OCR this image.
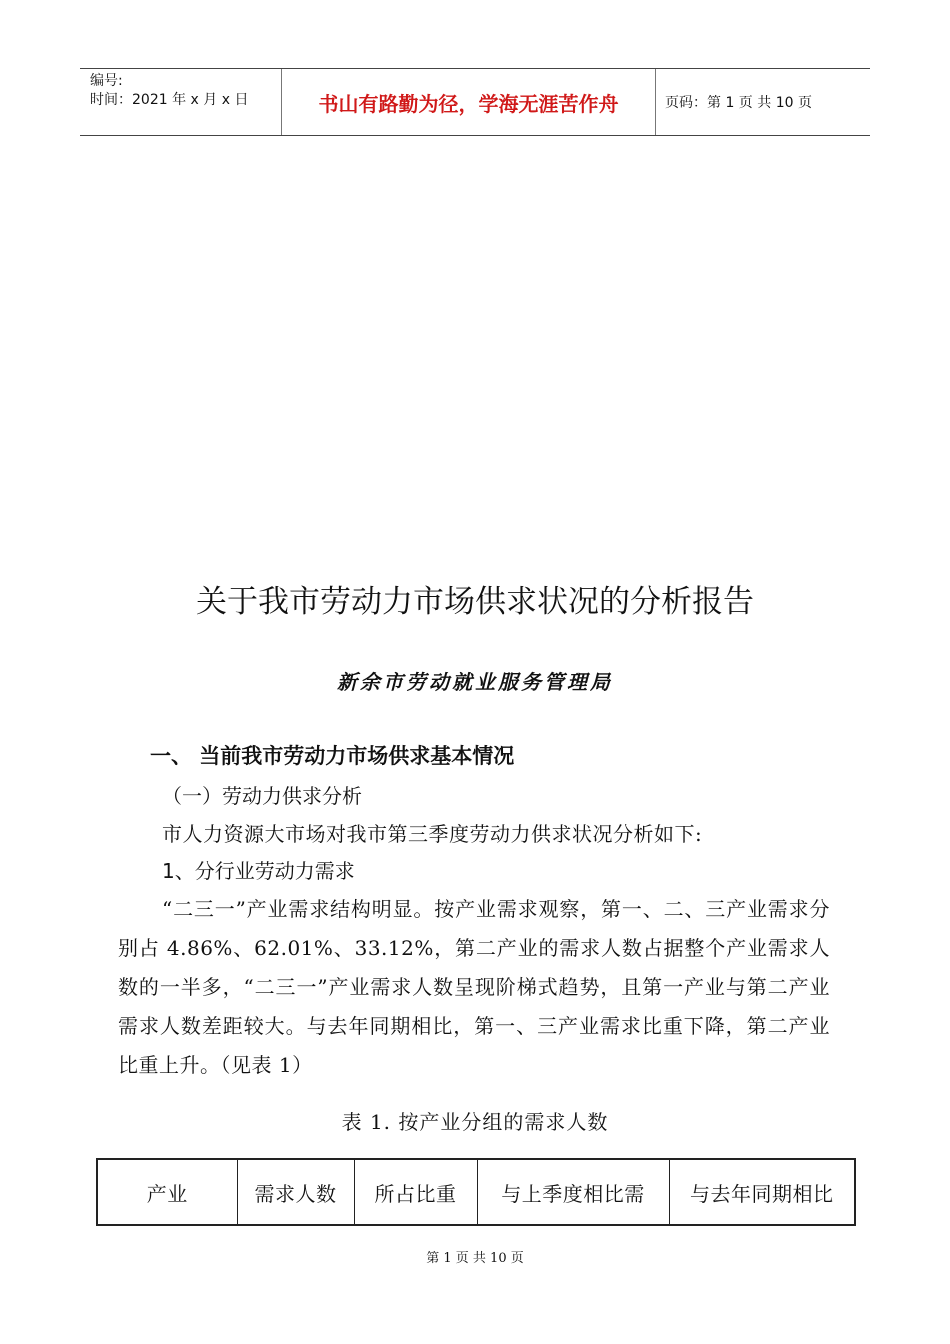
编号:
时间：2021 年 x 月 x 日	书山有路勤为径，学海无涯苦作舟	页码：第 1 页 共 10 页
关于我市劳动力市场供求状况的分析报告
新余市劳动就业服务管理局
一、 当前我市劳动力市场供求基本情况
（一）劳动力供求分析
市人力资源大市场对我市第三季度劳动力供求状况分析如下:
1、分行业劳动力需求

“二三一”产业需求结构明显。按产业需求观察，第一、二、三产业需求分别占 4.86%、62.01%、33.12%，第二产业的需求人数占据整个产业需求人数的一半多，“二三一”产业需求人数呈现阶梯式趋势，且第一产业与第二产业需求人数差距较大。与去年同期相比，第一、三产业需求比重下降，第二产业比重上升。（见表 1）

表 1. 按产业分组的需求人数
产业	需求人数	所占比重	与上季度相比需	与去年同期相比
第 1 页 共 10 页
